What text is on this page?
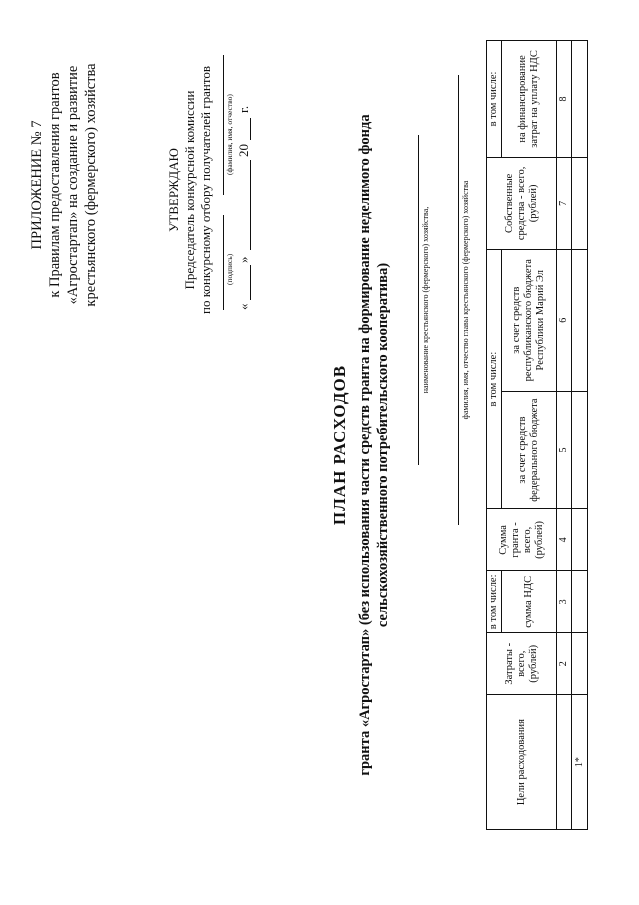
ПРИЛОЖЕНИЕ № 7 к Правилам предоставления грантов «Агростартап» на создание и развитие крестьянского (фермерского) хозяйства	УТВЕРЖДАЮ Председатель конкурсной комиссии по конкурсному отбору получателей грантов (подпись)
(фамилия, имя, отчество)
«
»
20
г.
ПЛАН РАСХОДОВ гранта «Агростартап» (без использования части средств гранта на формирование неделимого фонда сельскохозяйственного потребительского кооператива)	наименование крестьянского (фермерского) хозяйства,	фамилия, имя, отчество главы крестьянского (фермерского) хозяйства
Цели расходования	Затраты - всего, (рублей)	в том числе:	Сумма гранта - всего, (рублей)	в том числе:		Собственные средства - всего, (рублей)	в том числе:
		сумма НДС		за счет средств федерального бюджета	за счет средств республиканского бюджета Республики Марий Эл		на финансирование затрат на уплату НДС

	2	3	4	5	6	7	8
1*							
